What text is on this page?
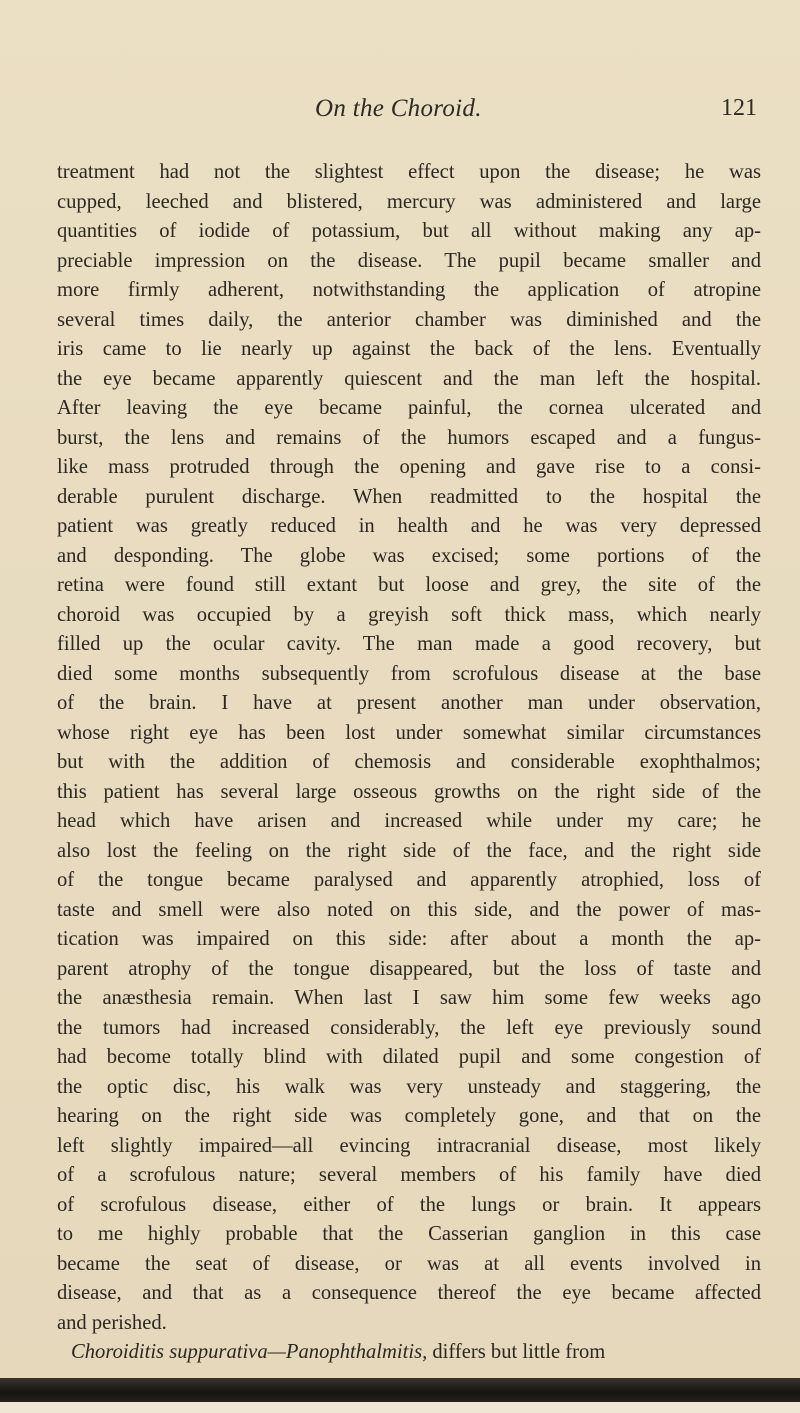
On the Choroid.	121
treatment had not the slightest effect upon the disease; he was
cupped, leeched and blistered, mercury was administered and large
quantities of iodide of potassium, but all without making any ap-
preciable impression on the disease. The pupil became smaller and
more firmly adherent, notwithstanding the application of atropine
several times daily, the anterior chamber was diminished and the
iris came to lie nearly up against the back of the lens. Eventually
the eye became apparently quiescent and the man left the hospital.
After leaving the eye became painful, the cornea ulcerated and
burst, the lens and remains of the humors escaped and a fungus-
like mass protruded through the opening and gave rise to a consi-
derable purulent discharge. When readmitted to the hospital the
patient was greatly reduced in health and he was very depressed
and desponding. The globe was excised; some portions of the
retina were found still extant but loose and grey, the site of the
choroid was occupied by a greyish soft thick mass, which nearly
filled up the ocular cavity. The man made a good recovery, but
died some months subsequently from scrofulous disease at the base
of the brain. I have at present another man under observation,
whose right eye has been lost under somewhat similar circumstances
but with the addition of chemosis and considerable exophthalmos;
this patient has several large osseous growths on the right side of the
head which have arisen and increased while under my care; he
also lost the feeling on the right side of the face, and the right side
of the tongue became paralysed and apparently atrophied, loss of
taste and smell were also noted on this side, and the power of mas-
tication was impaired on this side: after about a month the ap-
parent atrophy of the tongue disappeared, but the loss of taste and
the anæsthesia remain. When last I saw him some few weeks ago
the tumors had increased considerably, the left eye previously sound
had become totally blind with dilated pupil and some congestion of
the optic disc, his walk was very unsteady and staggering, the
hearing on the right side was completely gone, and that on the
left slightly impaired—all evincing intracranial disease, most likely
of a scrofulous nature; several members of his family have died
of scrofulous disease, either of the lungs or brain. It appears
to me highly probable that the Casserian ganglion in this case
became the seat of disease, or was at all events involved in
disease, and that as a consequence thereof the eye became affected
and perished.
Choroiditis suppurativa—Panophthalmitis, differs but little from
